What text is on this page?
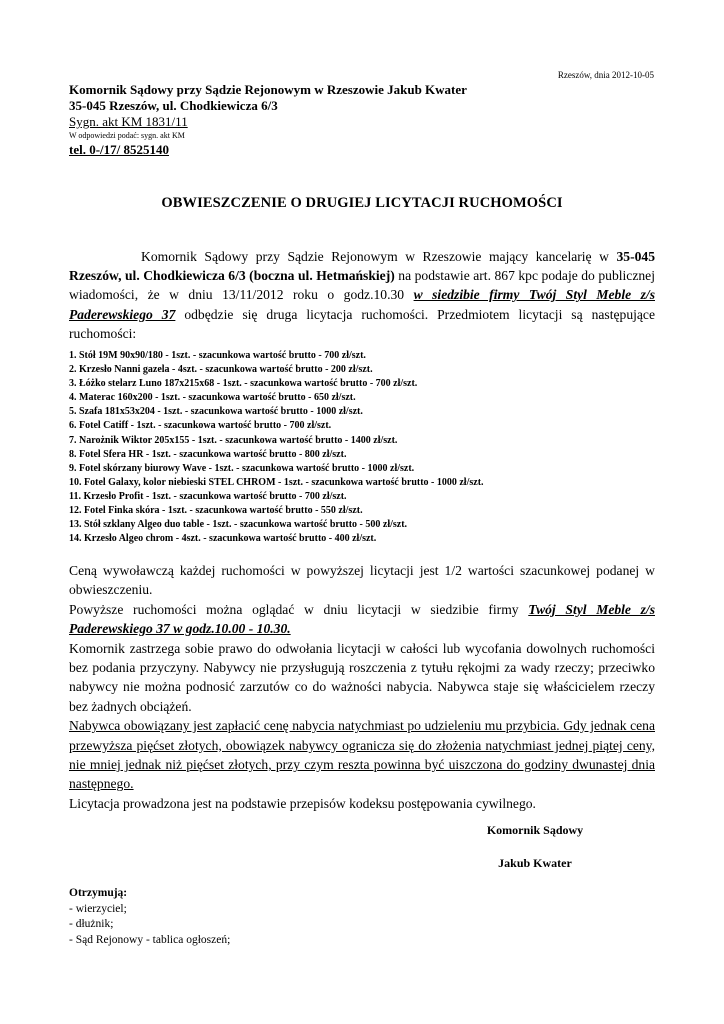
Rzeszów, dnia 2012-10-05
Komornik Sądowy przy Sądzie Rejonowym w Rzeszowie Jakub Kwater
35-045 Rzeszów, ul. Chodkiewicza 6/3
Sygn. akt KM 1831/11
W odpowiedzi podać: sygn. akt KM
tel. 0-/17/ 8525140
OBWIESZCZENIE O DRUGIEJ LICYTACJI RUCHOMOŚCI
Komornik Sądowy przy Sądzie Rejonowym w Rzeszowie mający kancelarię w 35-045 Rzeszów, ul. Chodkiewicza 6/3 (boczna ul. Hetmańskiej) na podstawie art. 867 kpc podaje do publicznej wiadomości, że w dniu 13/11/2012 roku o godz.10.30 w siedzibie firmy Twój Styl Meble z/s Paderewskiego 37 odbędzie się druga licytacja ruchomości. Przedmiotem licytacji są następujące ruchomości:
1. Stół 19M 90x90/180 - 1szt. - szacunkowa wartość brutto - 700 zł/szt.
2. Krzesło Nanni gazela - 4szt. - szacunkowa wartość brutto - 200 zł/szt.
3. Łóżko stelarz Luno 187x215x68 - 1szt. - szacunkowa wartość brutto - 700 zł/szt.
4. Materac 160x200 - 1szt. - szacunkowa wartość brutto - 650 zł/szt.
5. Szafa 181x53x204 - 1szt. - szacunkowa wartość brutto - 1000 zł/szt.
6. Fotel Catiff - 1szt. - szacunkowa wartość brutto - 700 zł/szt.
7. Narożnik Wiktor 205x155 - 1szt. - szacunkowa wartość brutto - 1400 zł/szt.
8. Fotel Sfera HR - 1szt. - szacunkowa wartość brutto - 800 zł/szt.
9. Fotel skórzany biurowy Wave - 1szt. - szacunkowa wartość brutto - 1000 zł/szt.
10. Fotel Galaxy, kolor niebieski STEL CHROM - 1szt. - szacunkowa wartość brutto - 1000 zł/szt.
11. Krzesło Profit - 1szt. - szacunkowa wartość brutto - 700 zł/szt.
12. Fotel Finka skóra - 1szt. - szacunkowa wartość brutto - 550 zł/szt.
13. Stół szklany Algeo duo table - 1szt. - szacunkowa wartość brutto - 500 zł/szt.
14. Krzesło Algeo chrom - 4szt. - szacunkowa wartość brutto - 400 zł/szt.

Ceną wywoławczą każdej ruchomości w powyższej licytacji jest 1/2 wartości szacunkowej podanej w obwieszczeniu.

Powyższe ruchomości można oglądać w dniu licytacji w siedzibie firmy Twój Styl Meble z/s Paderewskiego 37 w godz.10.00 - 10.30.

Komornik zastrzega sobie prawo do odwołania licytacji w całości lub wycofania dowolnych ruchomości bez podania przyczyny. Nabywcy nie przysługują roszczenia z tytułu rękojmi za wady rzeczy; przeciwko nabywcy nie można podnosić zarzutów co do ważności nabycia. Nabywca staje się właścicielem rzeczy bez żadnych obciążeń.

Nabywca obowiązany jest zapłacić cenę nabycia natychmiast po udzieleniu mu przybicia. Gdy jednak cena przewyższa pięćset złotych, obowiązek nabywcy ogranicza się do złożenia natychmiast jednej piątej ceny, nie mniej jednak niż pięćset złotych, przy czym reszta powinna być uiszczona do godziny dwunastej dnia następnego.

Licytacja prowadzona jest na podstawie przepisów kodeksu postępowania cywilnego.

Komornik Sądowy
Jakub Kwater
Otrzymują:
- wierzyciel;
- dłużnik;
- Sąd Rejonowy - tablica ogłoszeń;
